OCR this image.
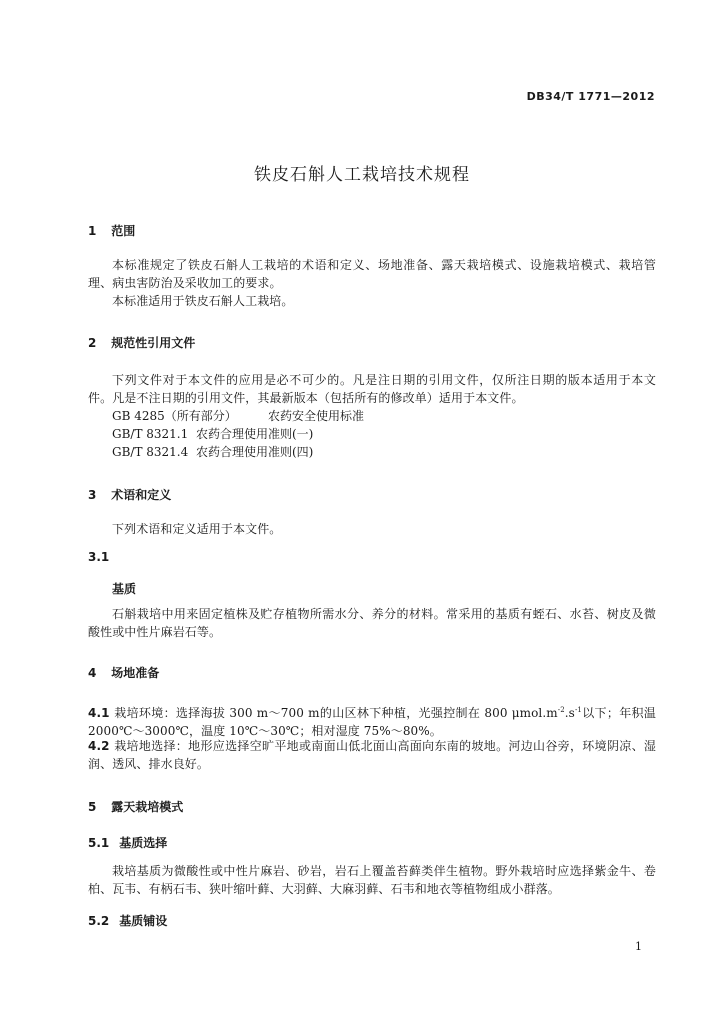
DB34/T 1771—2012
铁皮石斛人工栽培技术规程
1 范围
本标准规定了铁皮石斛人工栽培的术语和定义、场地准备、露天栽培模式、设施栽培模式、栽培管理、病虫害防治及采收加工的要求。
本标准适用于铁皮石斛人工栽培。
2 规范性引用文件
下列文件对于本文件的应用是必不可少的。凡是注日期的引用文件，仅所注日期的版本适用于本文件。凡是不注日期的引用文件，其最新版本（包括所有的修改单）适用于本文件。
GB 4285（所有部分）	农药安全使用标准
GB/T 8321.1 农药合理使用准则(一)
GB/T 8321.4 农药合理使用准则(四)
3 术语和定义
下列术语和定义适用于本文件。
3.1
基质
石斛栽培中用来固定植株及贮存植物所需水分、养分的材料。常采用的基质有蛭石、水苔、树皮及微酸性或中性片麻岩石等。
4 场地准备
4.1 栽培环境：选择海拔 300 m～700 m的山区林下种植，光强控制在 800 $\mu mol.m^{-2}.s^{-1}$以下；年积温 2000℃～3000℃，温度 10℃～30℃；相对湿度 75%～80%。
4.2 栽培地选择：地形应选择空旷平地或南面山低北面山高面向东南的坡地。河边山谷旁，环境阴凉、湿润、透风、排水良好。
5 露天栽培模式
5.1 基质选择
栽培基质为微酸性或中性片麻岩、砂岩，岩石上覆盖苔藓类伴生植物。野外栽培时应选择紫金牛、卷柏、瓦韦、有柄石韦、狭叶缩叶藓、大羽藓、大麻羽藓、石韦和地衣等植物组成小群落。
5.2 基质铺设
1
